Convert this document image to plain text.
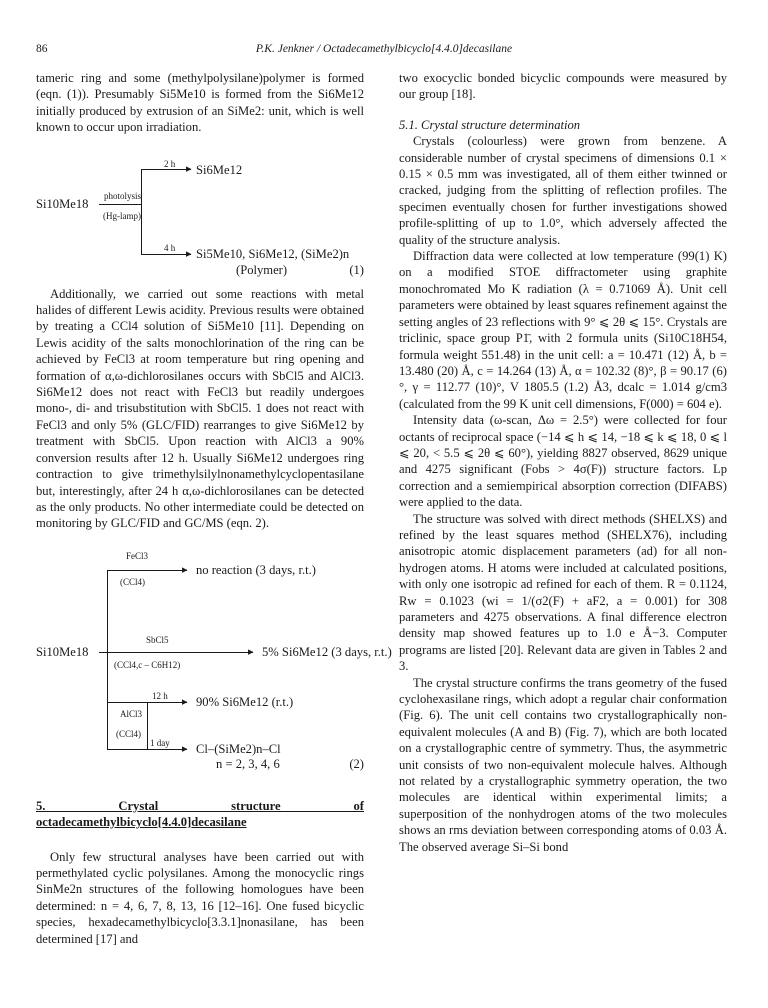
86	P.K. Jenkner / Octadecamethylbicyclo[4.4.0]decasilane

tameric ring and some (methylpolysilane)polymer is formed (eqn. (1)). Presumably Si5Me10 is formed from the Si6Me12 initially produced by extrusion of an SiMe2: unit, which is well known to occur upon irradiation.

Si10Me18
photolysis
(Hg-lamp)
▸
2 h Si6Me12
▸
4 h Si5Me10, Si6Me12, (SiMe2)n
(Polymer)	(1)

Additionally, we carried out some reactions with metal halides of different Lewis acidity. Previous results were obtained by treating a CCl4 solution of Si5Me10 [11]. Depending on Lewis acidity of the salts monochlorination of the ring can be achieved by FeCl3 at room temperature but ring opening and formation of α,ω-dichlorosilanes occurs with SbCl5 and AlCl3. Si6Me12 does not react with FeCl3 but readily undergoes mono-, di- and trisubstitution with SbCl5. 1 does not react with FeCl3 and only 5% (GLC/FID) rearranges to give Si6Me12 by treatment with SbCl5. Upon reaction with AlCl3 a 90% conversion results after 12 h. Usually Si6Me12 undergoes ring contraction to give trimethylsilylnonamethylcyclopentasilane but, interestingly, after 24 h α,ω-dichlorosilanes can be detected as the only products. No other intermediate could be detected on monitoring by GLC/FID and GC/MS (eqn. 2).

Si10Me18
FeCl3
▸
(CCl4)
no reaction (3 days, r.t.)
SbCl5
▸
(CCl4,c – C6H12)
5% Si6Me12 (3 days, r.t.)
AlCl3
(CCl4)
▸
12 h 90% Si6Me12 (r.t.)
▸
1 day Cl–(SiMe2)n–Cl
n = 2, 3, 4, 6	(2)

5. Crystal structure of octadecamethylbicyclo[4.4.0]decasilane

Only few structural analyses have been carried out with permethylated cyclic polysilanes. Among the monocyclic rings SinMe2n structures of the following homologues have been determined: n = 4, 6, 7, 8, 13, 16 [12–16]. One fused bicyclic species, hexadecamethylbicyclo[3.3.1]nonasilane, has been determined [17] and

two exocyclic bonded bicyclic compounds were measured by our group [18].

5.1. Crystal structure determination

Crystals (colourless) were grown from benzene. A considerable number of crystal specimens of dimensions 0.1 × 0.15 × 0.5 mm was investigated, all of them either twinned or cracked, judging from the splitting of reflection profiles. The specimen eventually chosen for further investigations showed profile-splitting of up to 1.0°, which adversely affected the quality of the structure analysis.

Diffraction data were collected at low temperature (99(1) K) on a modified STOE diffractometer using graphite monochromated Mo K radiation (λ = 0.71069 Å). Unit cell parameters were obtained by least squares refinement against the setting angles of 23 reflections with 9° ⩽ 2θ ⩽ 15°. Crystals are triclinic, space group P1̄, with 2 formula units (Si10C18H54, formula weight 551.48) in the unit cell: a = 10.471 (12) Å, b = 13.480 (20) Å, c = 14.264 (13) Å, α = 102.32 (8)°, β = 90.17 (6)°, γ = 112.77 (10)°, V 1805.5 (1.2) Å3, dcalc = 1.014 g/cm3 (calculated from the 99 K unit cell dimensions, F(000) = 604 e).

Intensity data (ω-scan, Δω = 2.5°) were collected for four octants of reciprocal space (−14 ⩽ h ⩽ 14, −18 ⩽ k ⩽ 18, 0 ⩽ l ⩽ 20, < 5.5 ⩽ 2θ ⩽ 60°), yielding 8827 observed, 8629 unique and 4275 significant (Fobs > 4σ(F)) structure factors. Lp correction and a semiempirical absorption correction (DIFABS) were applied to the data.

The structure was solved with direct methods (SHELXS) and refined by the least squares method (SHELX76), including anisotropic atomic displacement parameters (ad) for all non-hydrogen atoms. H atoms were included at calculated positions, with only one isotropic ad refined for each of them. R = 0.1124, Rw = 0.1023 (wi = 1/(σ2(F) + aF2, a = 0.001) for 308 parameters and 4275 observations. A final difference electron density map showed features up to 1.0 e Å−3. Computer programs are listed [20]. Relevant data are given in Tables 2 and 3.

The crystal structure confirms the trans geometry of the fused cyclohexasilane rings, which adopt a regular chair conformation (Fig. 6). The unit cell contains two crystallographically non-equivalent molecules (A and B) (Fig. 7), which are both located on a crystallographic centre of symmetry. Thus, the asymmetric unit consists of two non-equivalent molecule halves. Although not related by a crystallographic symmetry operation, the two molecules are identical within experimental limits; a superposition of the nonhydrogen atoms of the two molecules shows an rms deviation between corresponding atoms of 0.03 Å. The observed average Si–Si bond
